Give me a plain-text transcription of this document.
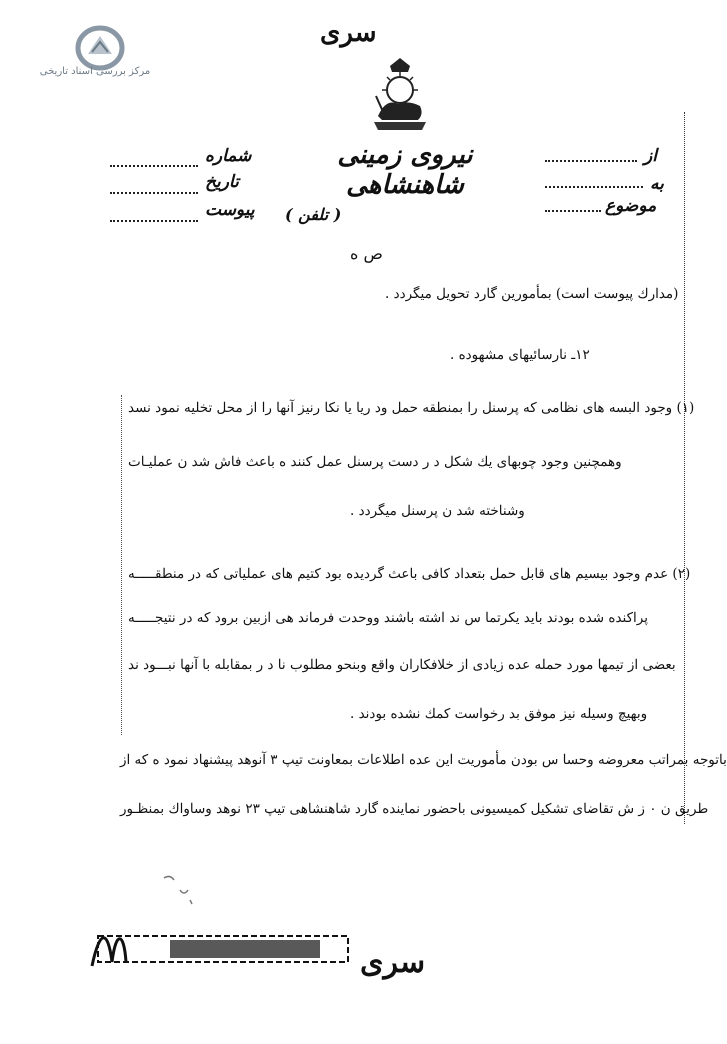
مرکز بررسی اسناد تاریخی
سری
نیروی زمینی شاهنشاهی
شماره
تاریخ
پیوست
از
به
موضوع
( تلفن )
ص ه
(مدارك پیوست است) بمأمورین گارد تحویل میگردد .
۱۲ـ نارسائیهای مشهوده .
(۱) وجود البسه های نظامی که پرسنل را بمنطقه حمل ود ریا یا نکا رنیز آنها را از محل تخلیه نمود نسد
وهمچنین وجود چوبهای یك شکل د ر دست پرسنل عمل کنند ه باعث فاش شد ن عملیـات
وشناخته شد ن پرسنل میگردد .
(۲) عدم وجود بیسیم های قابل حمل بتعداد کافی باعث گردیده بود کتیم های عملیاتی که در منطقـــــه
پراکنده شده بودند باید یکرتما س ند اشته باشند ووحدت فرماند هی ازبین برود که در نتیجـــــه
بعضی از تیمها مورد حمله عده زیادی از خلافکاران واقع وبنحو مطلوب نا د ر بمقابله با آنها نبـــود ند
وبهیچ وسیله نیز موفق بد رخواست كمك نشده بودند .
باتوجه بمراتب معروضه وحسا س بودن مأموریت این عده اطلاعات بمعاونت تیپ ۳ آنوهد پیشنهاد نمود ه که از
طریق ن ۰ ز ش تقاضای تشکیل کمیسیونی باحضور نماینده گارد شاهنشاهی تیپ ۲۳ نوهد وساواك بمنظـور
سری
